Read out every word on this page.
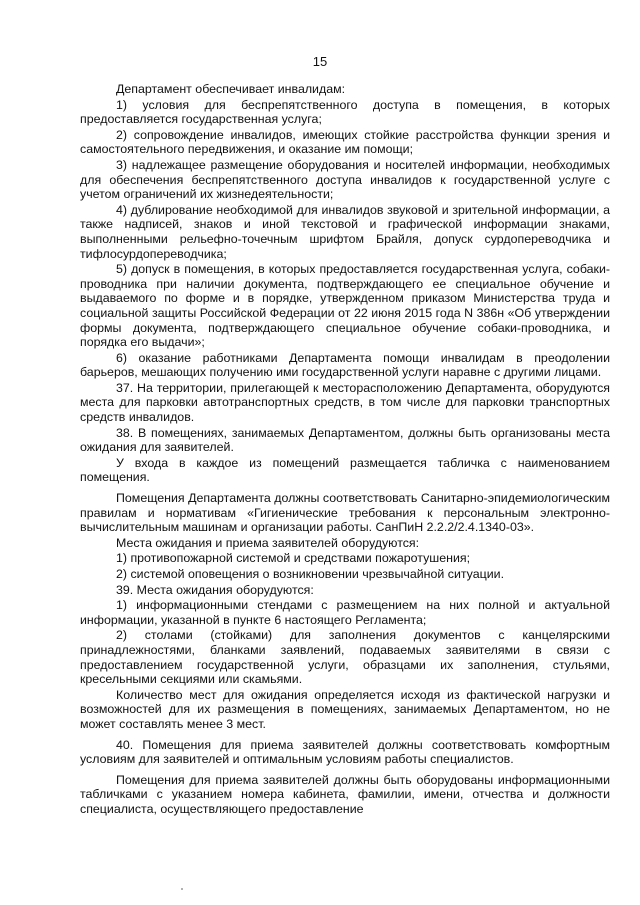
15

Департамент обеспечивает инвалидам:

1) условия для беспрепятственного доступа в помещения, в которых предоставляется государственная услуга;

2) сопровождение инвалидов, имеющих стойкие расстройства функции зрения и самостоятельного передвижения, и оказание им помощи;

3) надлежащее размещение оборудования и носителей информации, необходимых для обеспечения беспрепятственного доступа инвалидов к государственной услуге с учетом ограничений их жизнедеятельности;

4) дублирование необходимой для инвалидов звуковой и зрительной информации, а также надписей, знаков и иной текстовой и графической информации знаками, выполненными рельефно-точечным шрифтом Брайля, допуск сурдопереводчика и тифлосурдопереводчика;

5) допуск в помещения, в которых предоставляется государственная услуга, собаки-проводника при наличии документа, подтверждающего ее специальное обучение и выдаваемого по форме и в порядке, утвержденном приказом Министерства труда и социальной защиты Российской Федерации от 22 июня 2015 года N 386н «Об утверждении формы документа, подтверждающего специальное обучение собаки-проводника, и порядка его выдачи»;

6) оказание работниками Департамента помощи инвалидам в преодолении барьеров, мешающих получению ими государственной услуги наравне с другими лицами.

37. На территории, прилегающей к месторасположению Департамента, оборудуются места для парковки автотранспортных средств, в том числе для парковки транспортных средств инвалидов.

38. В помещениях, занимаемых Департаментом, должны быть организованы места ожидания для заявителей.

У входа в каждое из помещений размещается табличка с наименованием помещения.

Помещения Департамента должны соответствовать Санитарно-эпидемиологическим правилам и нормативам «Гигиенические требования к персональным электронно-вычислительным машинам и организации работы. СанПиН 2.2.2/2.4.1340-03».

Места ожидания и приема заявителей оборудуются:

1) противопожарной системой и средствами пожаротушения;

2) системой оповещения о возникновении чрезвычайной ситуации.

39. Места ожидания оборудуются:

1) информационными стендами с размещением на них полной и актуальной информации, указанной в пункте 6 настоящего Регламента;

2) столами (стойками) для заполнения документов с канцелярскими принадлежностями, бланками заявлений, подаваемых заявителями в связи с предоставлением государственной услуги, образцами их заполнения, стульями, кресельными секциями или скамьями.

Количество мест для ожидания определяется исходя из фактической нагрузки и возможностей для их размещения в помещениях, занимаемых Департаментом, но не может составлять менее 3 мест.

40. Помещения для приема заявителей должны соответствовать комфортным условиям для заявителей и оптимальным условиям работы специалистов.

Помещения для приема заявителей должны быть оборудованы информационными табличками с указанием номера кабинета, фамилии, имени, отчества и должности специалиста, осуществляющего предоставление
